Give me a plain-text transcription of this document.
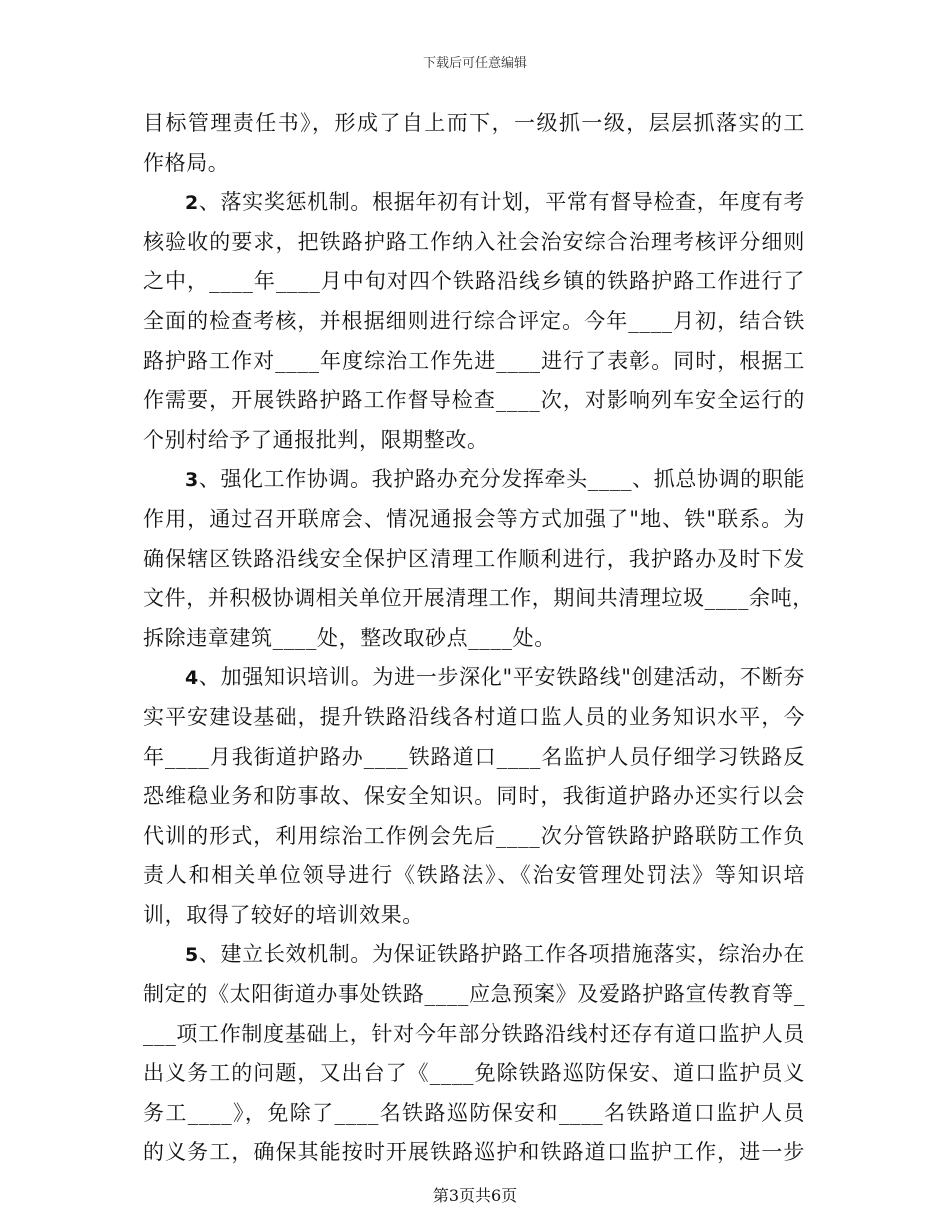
下载后可任意编辑
目标管理责任书》，形成了自上而下，一级抓一级，层层抓落实的工
作格局。
2、落实奖惩机制。根据年初有计划，平常有督导检查，年度有考
核验收的要求，把铁路护路工作纳入社会治安综合治理考核评分细则
之中，____年____月中旬对四个铁路沿线乡镇的铁路护路工作进行了
全面的检查考核，并根据细则进行综合评定。今年____月初，结合铁
路护路工作对____年度综治工作先进____进行了表彰。同时，根据工
作需要，开展铁路护路工作督导检查____次，对影响列车安全运行的
个别村给予了通报批判，限期整改。
3、强化工作协调。我护路办充分发挥牵头____、抓总协调的职能
作用，通过召开联席会、情况通报会等方式加强了"地、铁"联系。为
确保辖区铁路沿线安全保护区清理工作顺利进行，我护路办及时下发
文件，并积极协调相关单位开展清理工作，期间共清理垃圾____余吨，
拆除违章建筑____处，整改取砂点____处。
4、加强知识培训。为进一步深化"平安铁路线"创建活动，不断夯
实平安建设基础，提升铁路沿线各村道口监人员的业务知识水平，今
年____月我街道护路办____铁路道口____名监护人员仔细学习铁路反
恐维稳业务和防事故、保安全知识。同时，我街道护路办还实行以会
代训的形式，利用综治工作例会先后____次分管铁路护路联防工作负
责人和相关单位领导进行《铁路法》、《治安管理处罚法》等知识培
训，取得了较好的培训效果。
5、建立长效机制。为保证铁路护路工作各项措施落实，综治办在
制定的《太阳街道办事处铁路____应急预案》及爱路护路宣传教育等_
___项工作制度基础上，针对今年部分铁路沿线村还存有道口监护人员
出义务工的问题，又出台了《____免除铁路巡防保安、道口监护员义
务工____》，免除了____名铁路巡防保安和____名铁路道口监护人员
的义务工，确保其能按时开展铁路巡护和铁路道口监护工作，进一步
第3页共6页
